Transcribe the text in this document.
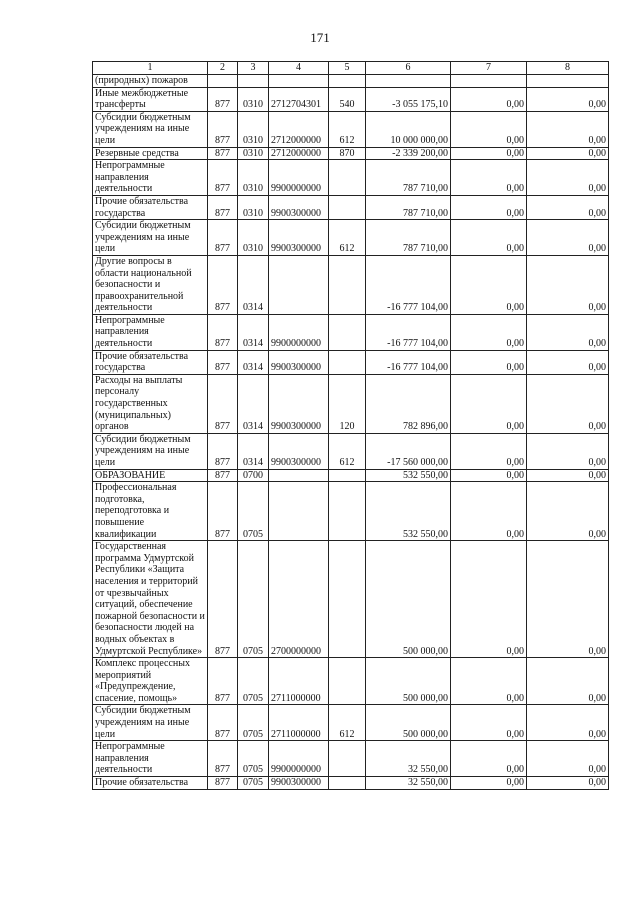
171
1	2	3	4	5	6	7	8
(природных) пожаров							
Иные межбюджетные трансферты	877	0310	2712704301	540	-3 055 175,10	0,00	0,00
Субсидии бюджетным учреждениям на иные цели	877	0310	2712000000	612	10 000 000,00	0,00	0,00
Резервные средства	877	0310	2712000000	870	-2 339 200,00	0,00	0,00
Непрограммные направления деятельности	877	0310	9900000000		787 710,00	0,00	0,00
Прочие обязательства государства	877	0310	9900300000		787 710,00	0,00	0,00
Субсидии бюджетным учреждениям на иные цели	877	0310	9900300000	612	787 710,00	0,00	0,00
Другие вопросы в области национальной безопасности и правоохранительной деятельности	877	0314			-16 777 104,00	0,00	0,00
Непрограммные направления деятельности	877	0314	9900000000		-16 777 104,00	0,00	0,00
Прочие обязательства государства	877	0314	9900300000		-16 777 104,00	0,00	0,00
Расходы на выплаты персоналу государственных (муниципальных) органов	877	0314	9900300000	120	782 896,00	0,00	0,00
Субсидии бюджетным учреждениям на иные цели	877	0314	9900300000	612	-17 560 000,00	0,00	0,00
ОБРАЗОВАНИЕ	877	0700			532 550,00	0,00	0,00
Профессиональная подготовка, переподготовка и повышение квалификации	877	0705			532 550,00	0,00	0,00
Государственная программа Удмуртской Республики «Защита населения и территорий от чрезвычайных ситуаций, обеспечение пожарной безопасности и безопасности людей на водных объектах в Удмуртской Республике»	877	0705	2700000000		500 000,00	0,00	0,00
Комплекс процессных мероприятий «Предупреждение, спасение, помощь»	877	0705	2711000000		500 000,00	0,00	0,00
Субсидии бюджетным учреждениям на иные цели	877	0705	2711000000	612	500 000,00	0,00	0,00
Непрограммные направления деятельности	877	0705	9900000000		32 550,00	0,00	0,00
Прочие обязательства	877	0705	9900300000		32 550,00	0,00	0,00
